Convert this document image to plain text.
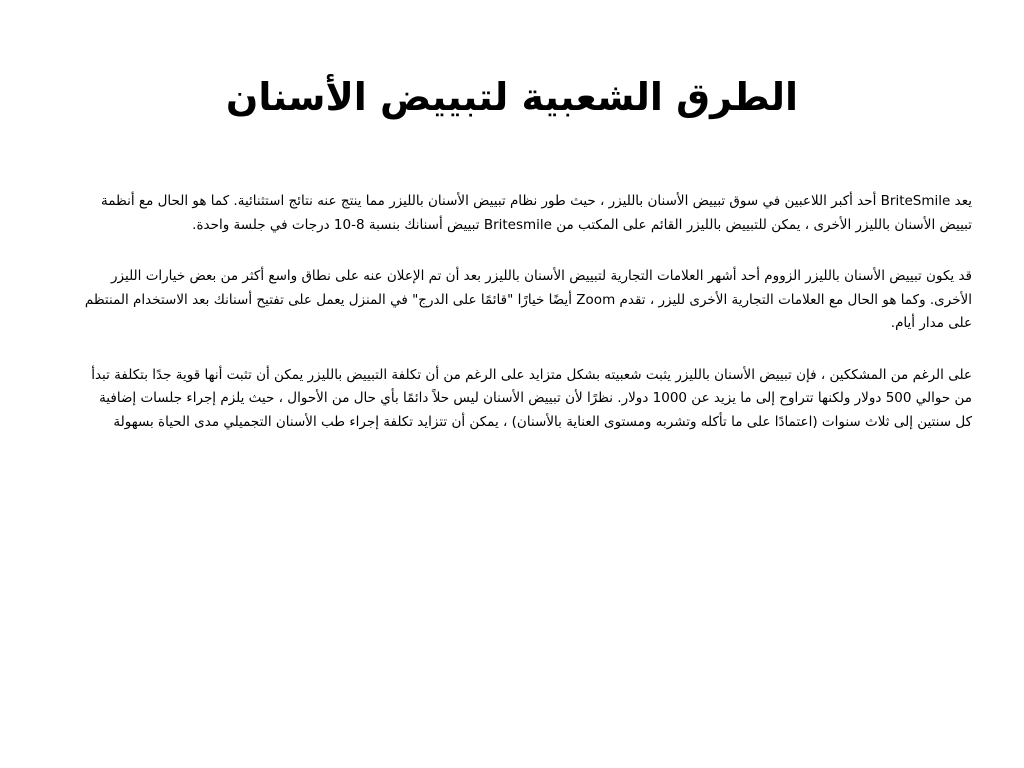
الطرق الشعبية لتبييض الأسنان

يعد BriteSmile أحد أكبر اللاعبين في سوق تبييض الأسنان بالليزر ، حيث طور نظام تبييض الأسنان بالليزر مما ينتج عنه نتائج استثنائية. كما هو الحال مع أنظمة تبييض الأسنان بالليزر الأخرى ، يمكن للتبييض بالليزر القائم على المكتب من Britesmile تبييض أسنانك بنسبة 8-10 درجات في جلسة واحدة.

قد يكون تبييض الأسنان بالليزر الزووم أحد أشهر العلامات التجارية لتبييض الأسنان بالليزر بعد أن تم الإعلان عنه على نطاق واسع أكثر من بعض خيارات الليزر الأخرى. وكما هو الحال مع العلامات التجارية الأخرى لليزر ، تقدم Zoom أيضًا خيارًا "قائمًا على الدرج" في المنزل يعمل على تفتيح أسنانك بعد الاستخدام المنتظم على مدار أيام.

على الرغم من المشككين ، فإن تبييض الأسنان بالليزر يثبت شعبيته بشكل متزايد على الرغم من أن تكلفة التبييض بالليزر يمكن أن تثبت أنها قوية جدًا بتكلفة تبدأ من حوالي 500 دولار ولكنها تتراوح إلى ما يزيد عن 1000 دولار. نظرًا لأن تبييض الأسنان ليس حلاً دائمًا بأي حال من الأحوال ، حيث يلزم إجراء جلسات إضافية كل سنتين إلى ثلاث سنوات (اعتمادًا على ما تأكله وتشربه ومستوى العناية بالأسنان) ، يمكن أن تتزايد تكلفة إجراء طب الأسنان التجميلي مدى الحياة بسهولة
